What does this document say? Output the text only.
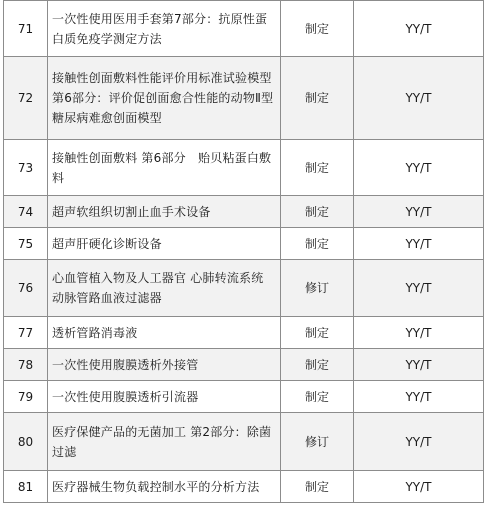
71	一次性使用医用手套第7部分：抗原性蛋白质免疫学测定方法	制定	YY/T
72	接触性创面敷料性能评价用标准试验模型 第6部分：评价促创面愈合性能的动物Ⅱ型糖尿病难愈创面模型	制定	YY/T
73	接触性创面敷料 第6部分　贻贝粘蛋白敷料	制定	YY/T
74	超声软组织切割止血手术设备	制定	YY/T
75	超声肝硬化诊断设备	制定	YY/T
76	心血管植入物及人工器官 心肺转流系统 动脉管路血液过滤器	修订	YY/T
77	透析管路消毒液	制定	YY/T
78	一次性使用腹膜透析外接管	制定	YY/T
79	一次性使用腹膜透析引流器	制定	YY/T
80	医疗保健产品的无菌加工 第2部分：除菌过滤	修订	YY/T
81	医疗器械生物负载控制水平的分析方法	制定	YY/T
